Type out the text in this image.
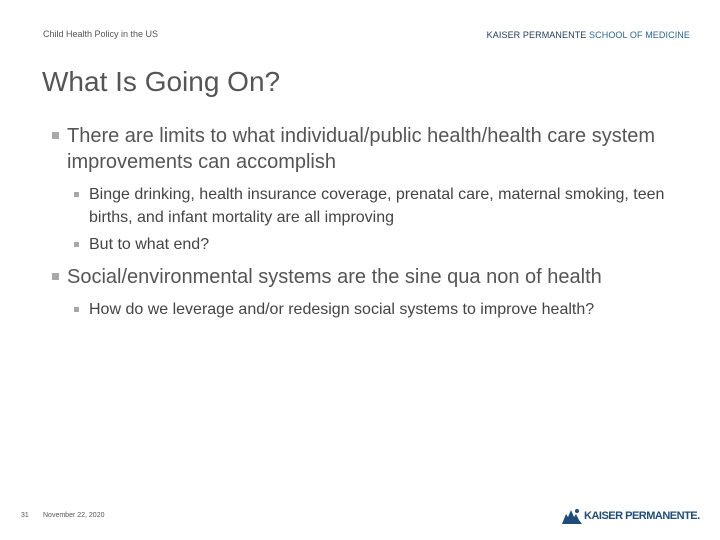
Child Health Policy in the US	KAISER PERMANENTE SCHOOL OF MEDICINE
What Is Going On?
There are limits to what individual/public health/health care system improvements can accomplish
Binge drinking, health insurance coverage, prenatal care, maternal smoking, teen births, and infant mortality are all improving
But to what end?
Social/environmental systems are the sine qua non of health
How do we leverage and/or redesign social systems to improve health?
31 November 22, 2020	KAISER PERMANENTE.
